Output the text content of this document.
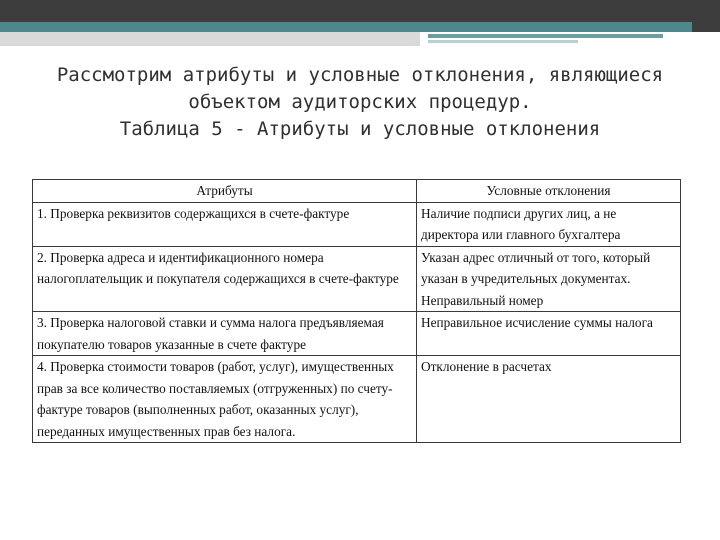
Рассмотрим атрибуты и условные отклонения, являющиеся
объектом аудиторских процедур.
Таблица 5 - Атрибуты и условные отклонения
Атрибуты	Условные отклонения
1. Проверка реквизитов содержащихся в счете-фактуре	Наличие подписи других лиц, а не директора или главного бухгалтера
2. Проверка адреса и идентификационного номера налогоплательщик и покупателя содержащихся в счете-фактуре	Указан адрес отличный от того, который указан в учредительных документах. Неправильный номер
3. Проверка налоговой ставки и сумма налога предъявляемая покупателю товаров указанные в счете фактуре	Неправильное исчисление суммы налога
4. Проверка стоимости товаров (работ, услуг), имущественных прав за все количество поставляемых (отгруженных) по счету- фактуре товаров (выполненных работ, оказанных услуг), переданных имущественных прав без налога.	Отклонение в расчетах
